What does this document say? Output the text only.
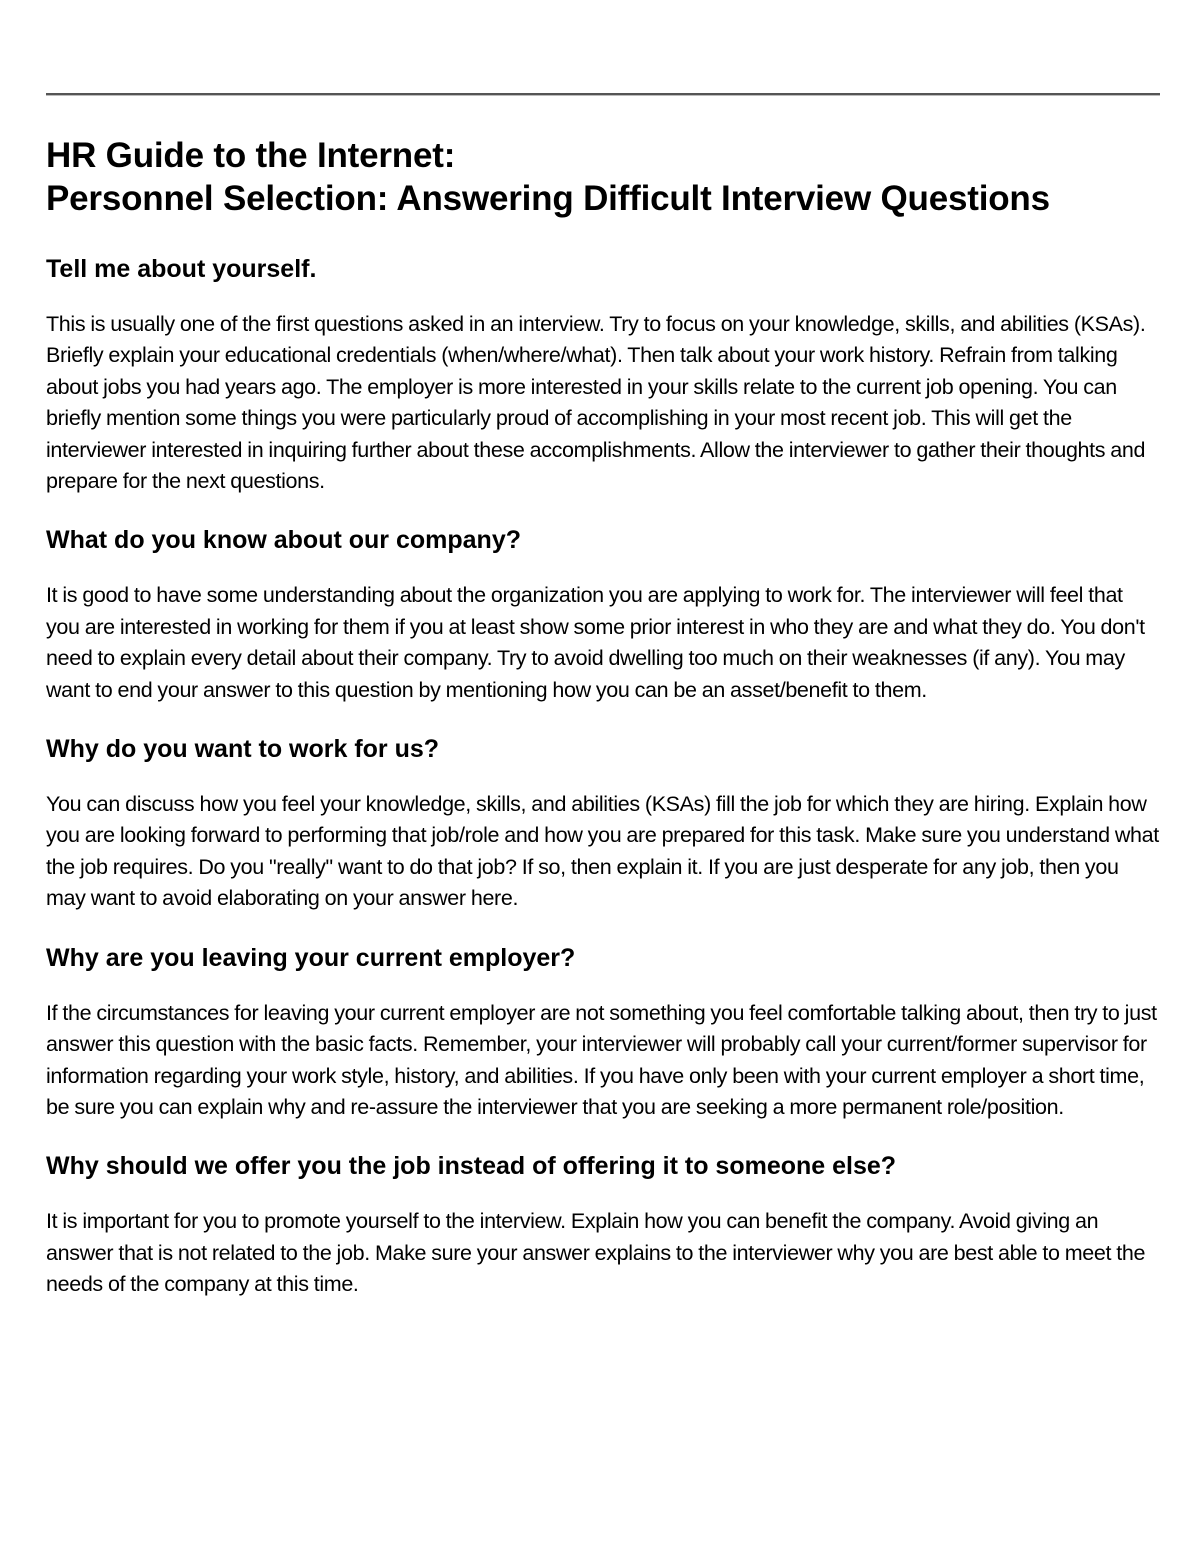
HR Guide to the Internet:
Personnel Selection: Answering Difficult Interview Questions
Tell me about yourself.

This is usually one of the first questions asked in an interview. Try to focus on your knowledge, skills, and abilities (KSAs). Briefly explain your educational credentials (when/where/what). Then talk about your work history. Refrain from talking about jobs you had years ago. The employer is more interested in your skills relate to the current job opening. You can briefly mention some things you were particularly proud of accomplishing in your most recent job. This will get the interviewer interested in inquiring further about these accomplishments. Allow the interviewer to gather their thoughts and prepare for the next questions.

What do you know about our company?

It is good to have some understanding about the organization you are applying to work for. The interviewer will feel that you are interested in working for them if you at least show some prior interest in who they are and what they do. You don't need to explain every detail about their company. Try to avoid dwelling too much on their weaknesses (if any). You may want to end your answer to this question by mentioning how you can be an asset/benefit to them.

Why do you want to work for us?

You can discuss how you feel your knowledge, skills, and abilities (KSAs) fill the job for which they are hiring. Explain how you are looking forward to performing that job/role and how you are prepared for this task. Make sure you understand what the job requires. Do you "really" want to do that job? If so, then explain it. If you are just desperate for any job, then you may want to avoid elaborating on your answer here.

Why are you leaving your current employer?

If the circumstances for leaving your current employer are not something you feel comfortable talking about, then try to just answer this question with the basic facts. Remember, your interviewer will probably call your current/former supervisor for information regarding your work style, history, and abilities. If you have only been with your current employer a short time, be sure you can explain why and re-assure the interviewer that you are seeking a more permanent role/position.

Why should we offer you the job instead of offering it to someone else?

It is important for you to promote yourself to the interview. Explain how you can benefit the company. Avoid giving an answer that is not related to the job. Make sure your answer explains to the interviewer why you are best able to meet the needs of the company at this time.
